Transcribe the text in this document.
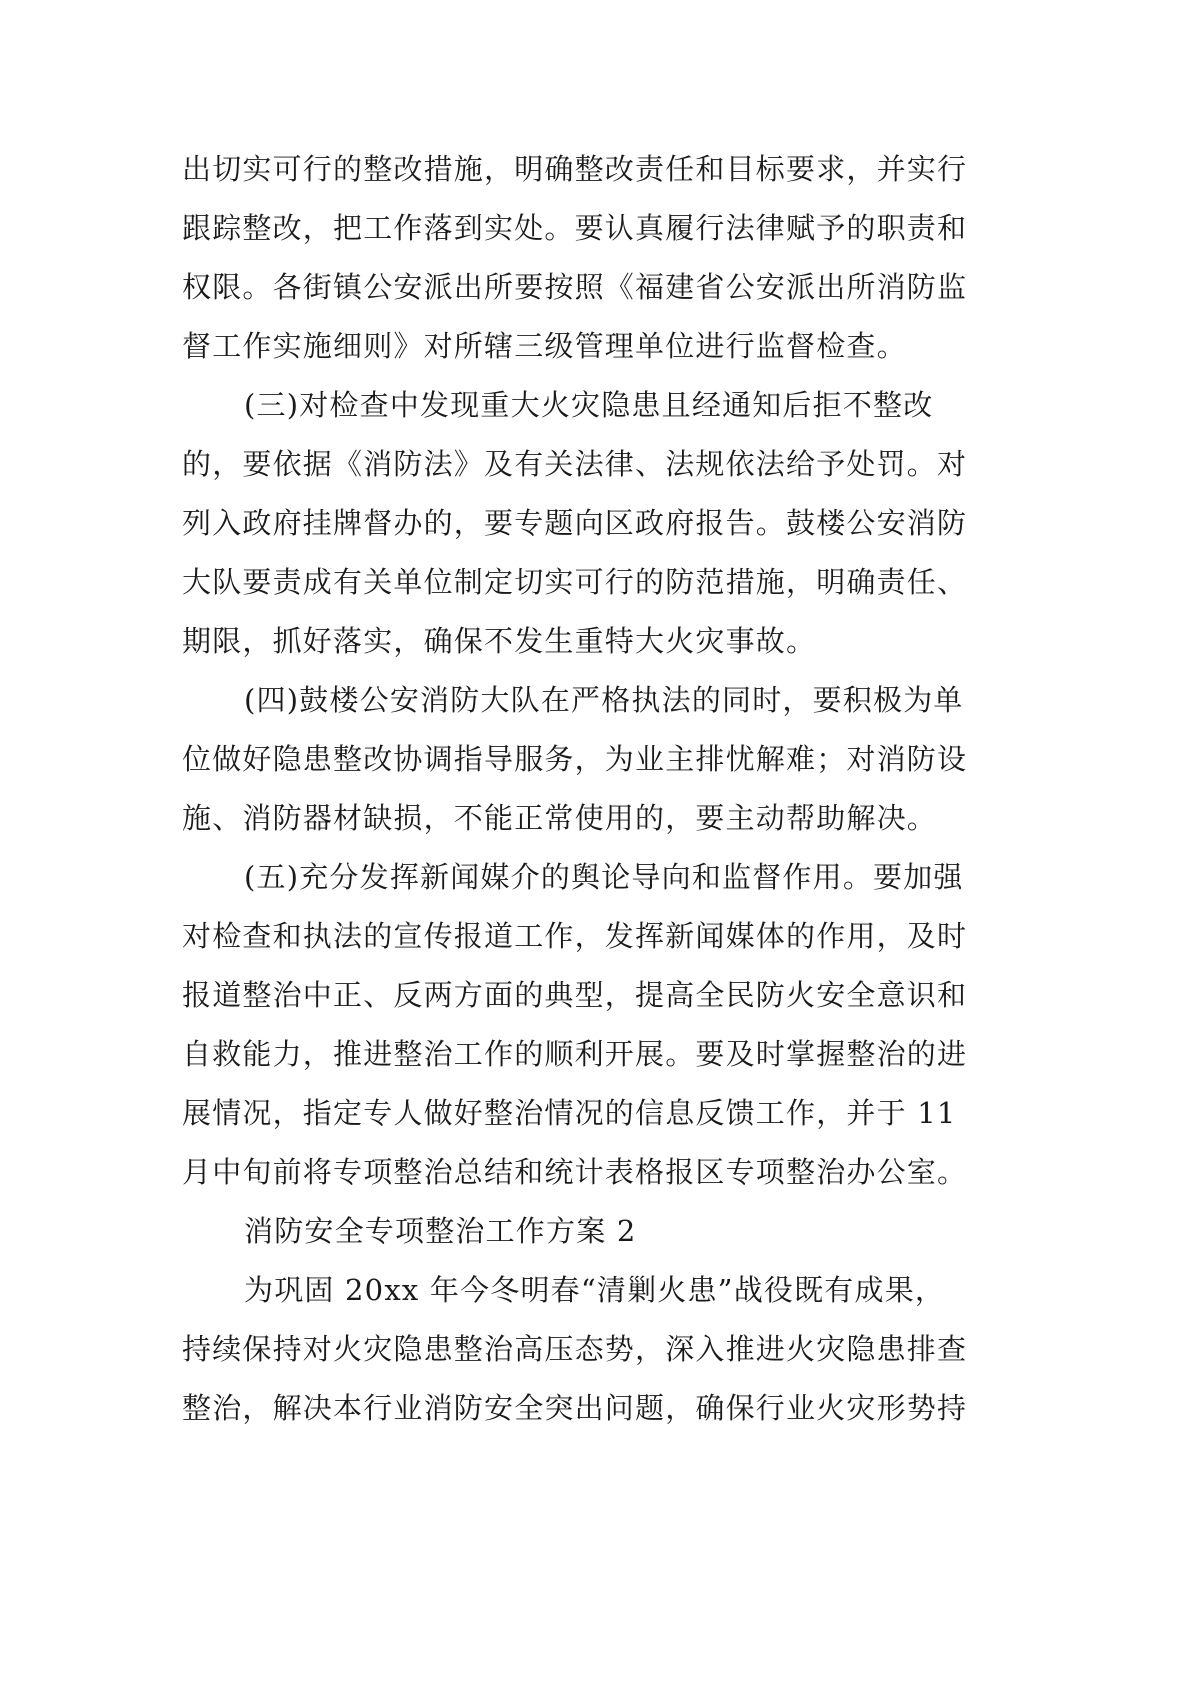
出切实可行的整改措施，明确整改责任和目标要求，并实行
跟踪整改，把工作落到实处。要认真履行法律赋予的职责和
权限。各街镇公安派出所要按照《福建省公安派出所消防监
督工作实施细则》对所辖三级管理单位进行监督检查。
(三)对检查中发现重大火灾隐患且经通知后拒不整改
的，要依据《消防法》及有关法律、法规依法给予处罚。对
列入政府挂牌督办的，要专题向区政府报告。鼓楼公安消防
大队要责成有关单位制定切实可行的防范措施，明确责任、
期限，抓好落实，确保不发生重特大火灾事故。
(四)鼓楼公安消防大队在严格执法的同时，要积极为单
位做好隐患整改协调指导服务，为业主排忧解难；对消防设
施、消防器材缺损，不能正常使用的，要主动帮助解决。
(五)充分发挥新闻媒介的舆论导向和监督作用。要加强
对检查和执法的宣传报道工作，发挥新闻媒体的作用，及时
报道整治中正、反两方面的典型，提高全民防火安全意识和
自救能力，推进整治工作的顺利开展。要及时掌握整治的进
展情况，指定专人做好整治情况的信息反馈工作，并于 11
月中旬前将专项整治总结和统计表格报区专项整治办公室。
消防安全专项整治工作方案 2
为巩固 20xx 年今冬明春“清剿火患”战役既有成果，
持续保持对火灾隐患整治高压态势，深入推进火灾隐患排查
整治，解决本行业消防安全突出问题，确保行业火灾形势持
